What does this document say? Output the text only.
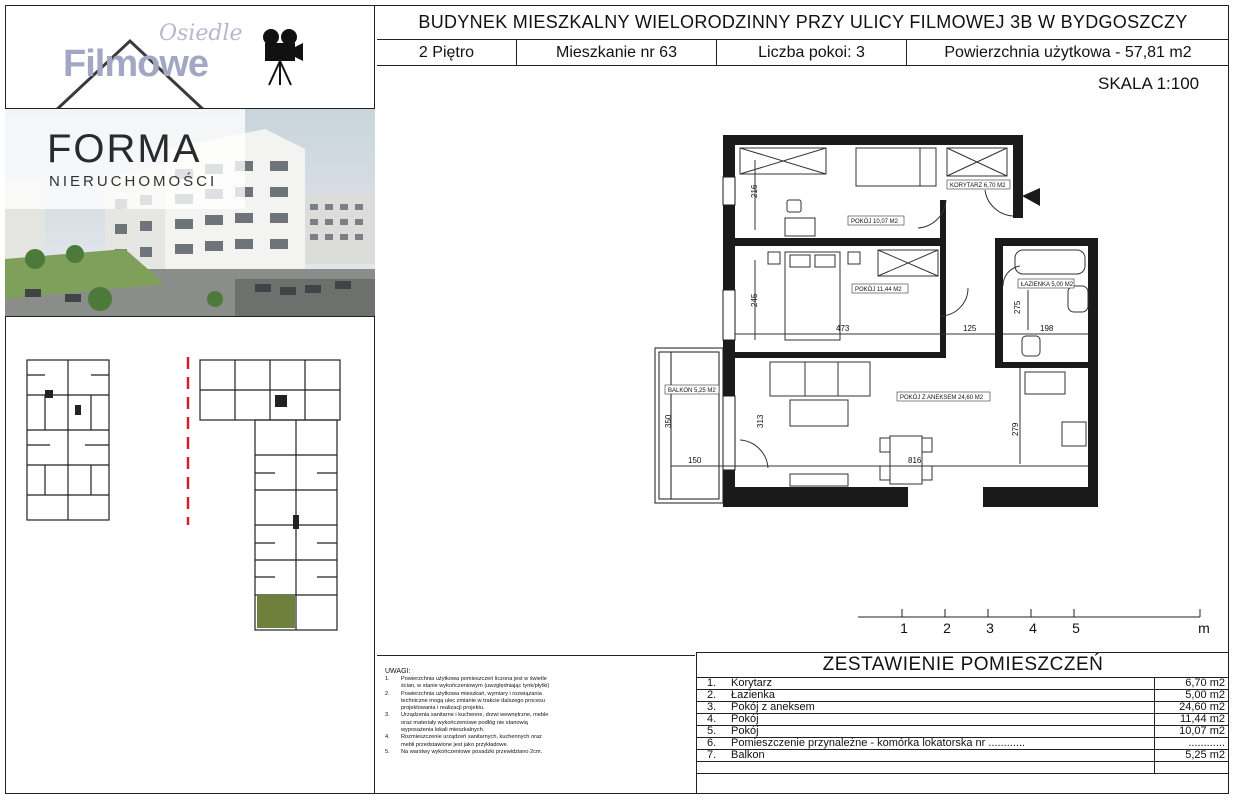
Osiedle
Filmowe
FORMA
NIERUCHOMOŚCI
BUDYNEK MIESZKALNY WIELORODZINNY PRZY ULICY FILMOWEJ 3B W BYDGOSZCZY
2 Piętro	Mieszkanie nr 63	Liczba pokoi: 3	Powierzchnia użytkowa - 57,81 m2
SKALA 1:100
KORYTARZ 6,70 M2
POKÓJ 10,07 M2
POKÓJ 11,44 M2
ŁAZIENKA 5,00 M2
POKÓJ Z ANEKSEM 24,60 M2
BALKON 5,25 M2
216
245
473	125
275
198
313
350
150	816
279
1	2	3	4	5	m
UWAGI:
1.	Powierzchnia użytkowa pomieszczeń liczona jest w świetle ścian, w stanie wykończeniowym (uwzględniając tynk/płytki)
2.	Powierzchnia użytkowa mieszkań, wymiary i rozwiązania techniczne mogą ulec zmianie w trakcie dalszego procesu projektowania i realizacji projektu.
3.	Urządzenia sanitarne i kuchenne, drzwi wewnętrzne, meble oraz materiały wykończeniowe podłóg nie stanowią wyposażenia lokali mieszkalnych.
4.	Rozmieszczenie urządzeń sanitarnych, kuchennych oraz mebli przedstawione jest jako przykładowe.
5.	Na warstwy wykończeniowe posadzki przewidziano 2cm.
ZESTAWIENIE POMIESZCZEŃ
1.	Korytarz	6,70 m2
2.	Łazienka	5,00 m2
3.	Pokój z aneksem	24,60 m2
4.	Pokój	11,44 m2
5.	Pokój	10,07 m2
6.	Pomieszczenie przynależne - komórka lokatorska nr ............	............
7.	Balkon	5,25 m2
